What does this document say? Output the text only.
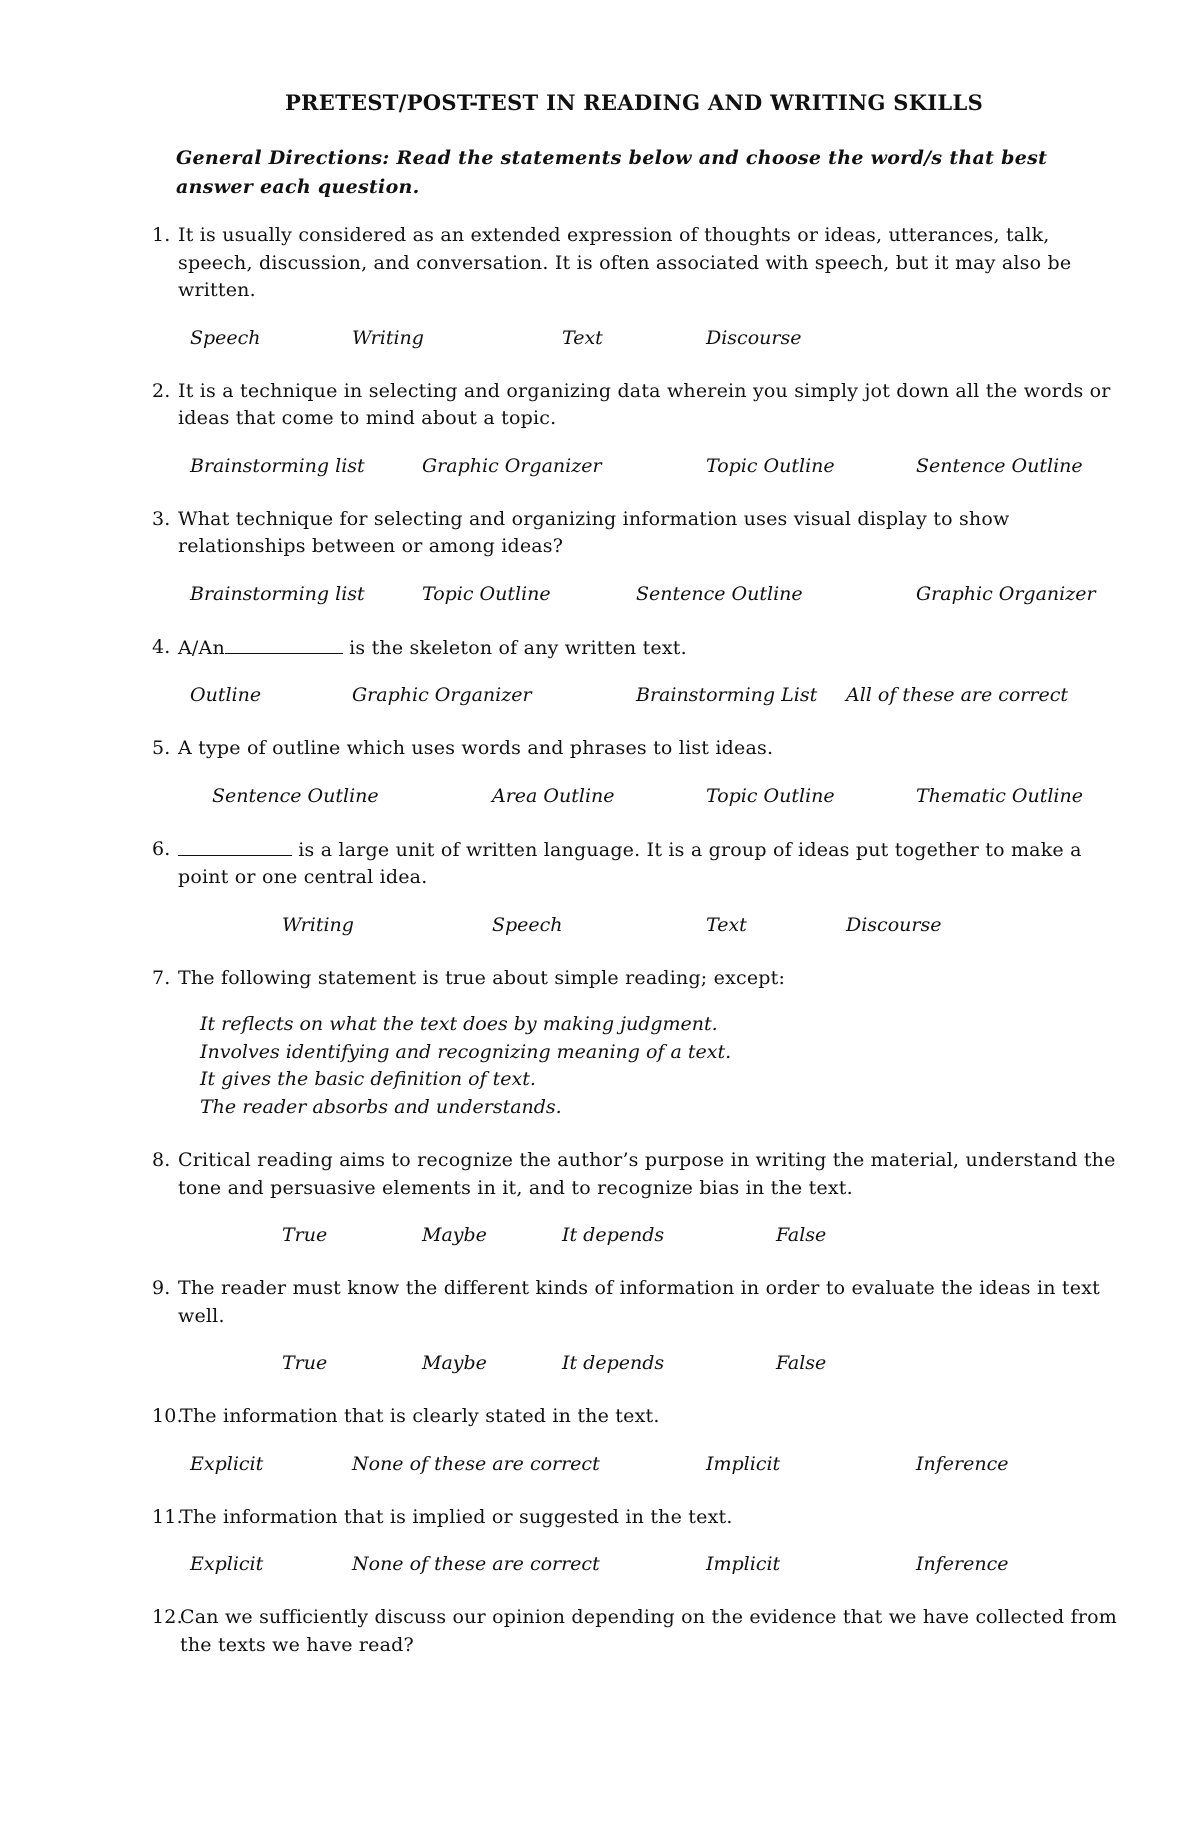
PRETEST/POST-TEST IN READING AND WRITING SKILLS
General Directions: Read the statements below and choose the word/s that best answer each question.
1. It is usually considered as an extended expression of thoughts or ideas, utterances, talk, speech, discussion, and conversation. It is often associated with speech, but it may also be written.
Speech	Writing	Text	Discourse
2. It is a technique in selecting and organizing data wherein you simply jot down all the words or ideas that come to mind about a topic.
Brainstorming list	Graphic Organizer	Topic Outline	Sentence Outline
3. What technique for selecting and organizing information uses visual display to show relationships between or among ideas?
Brainstorming list	Topic Outline	Sentence Outline	Graphic Organizer
4. A/An	is the skeleton of any written text.
Outline	Graphic Organizer	Brainstorming List All of these are correct
5. A type of outline which uses words and phrases to list ideas.
Sentence Outline	Area Outline	Topic Outline	Thematic Outline
6.	is a large unit of written language. It is a group of ideas put together to make a point or one central idea.
Writing	Speech	Text	Discourse
7. The following statement is true about simple reading; except:
It reflects on what the text does by making judgment.
Involves identifying and recognizing meaning of a text.
It gives the basic definition of text.
The reader absorbs and understands.
8. Critical reading aims to recognize the author’s purpose in writing the material, understand the tone and persuasive elements in it, and to recognize bias in the text.
True	Maybe	It depends	False
9. The reader must know the different kinds of information in order to evaluate the ideas in text well.
True	Maybe	It depends	False
10.
The information that is clearly stated in the text.
Explicit	None of these are correct	Implicit	Inference
11.
The information that is implied or suggested in the text.
Explicit	None of these are correct	Implicit	Inference
12.
Can we sufficiently discuss our opinion depending on the evidence that we have collected from the texts we have read?
